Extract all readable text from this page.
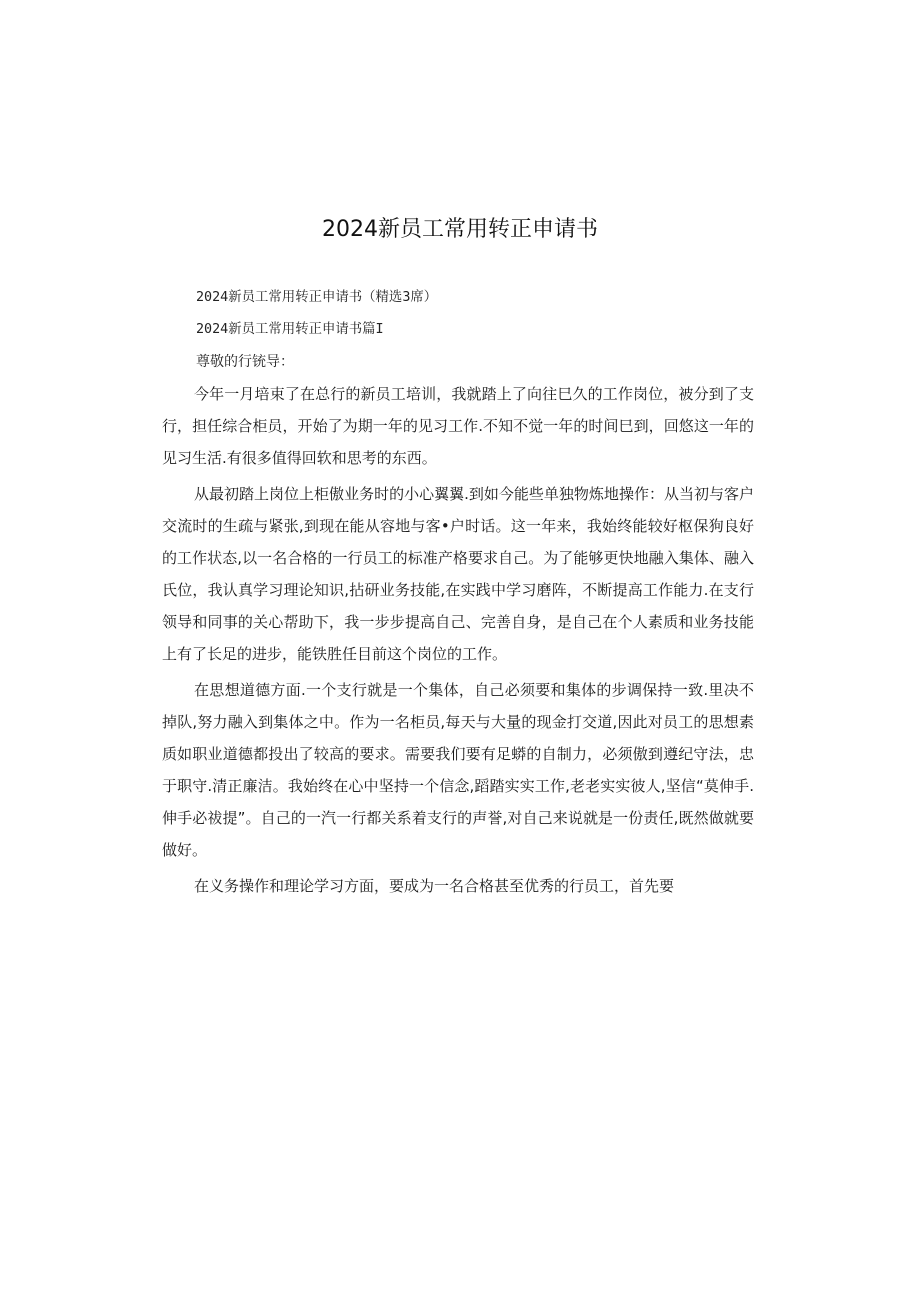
2024新员工常用转正申请书

2024新员工常用转正申请书（精选3席）

2024新员工常用转正申请书篇I

尊敬的行铳导：

今年一月培束了在总行的新员工培训，我就踏上了向往巳久的工作岗位，被分到了支行，担任综合柜员，开始了为期一年的见习工作.不知不觉一年的时间巳到，回悠这一年的见习生活.有很多值得回软和思考的东西。

从最初踏上岗位上柜傲业务时的小心翼翼.到如今能些单独物炼地操作：从当初与客户交流时的生疏与紧张,到现在能从容地与客•户时话。这一年来，我始终能较好枢保狗良好的工作状态,以一名合格的一行员工的标准产格要求自己。为了能够更快地融入集体、融入氏位，我认真学习理论知识,拈研业务技能,在实践中学习磨阵，不断提高工作能力.在支行领导和同事的关心帮助下，我一步步提高自己、完善自身，是自己在个人素质和业务技能上有了长足的进步，能铁胜任目前这个岗位的工作。

在思想道德方面.一个支行就是一个集体，自己必须要和集体的步调保持一致.里决不掉队,努力融入到集体之中。作为一名柜员,每天与大量的现金打交道,因此对员工的思想素质如职业道德都投出了较高的要求。需要我们要有足蟒的自制力，必须傲到遵纪守法，忠于职守.清正廉洁。我始终在心中坚持一个信念,蹈踏实实工作,老老实实彼人,坚信“莫伸手.伸手必祓提”。自己的一汽一行都关系着支行的声誉,对自己来说就是一份责任,既然做就要做好。

在义务操作和理论学习方面，要成为一名合格甚至优秀的行员工，首先要
